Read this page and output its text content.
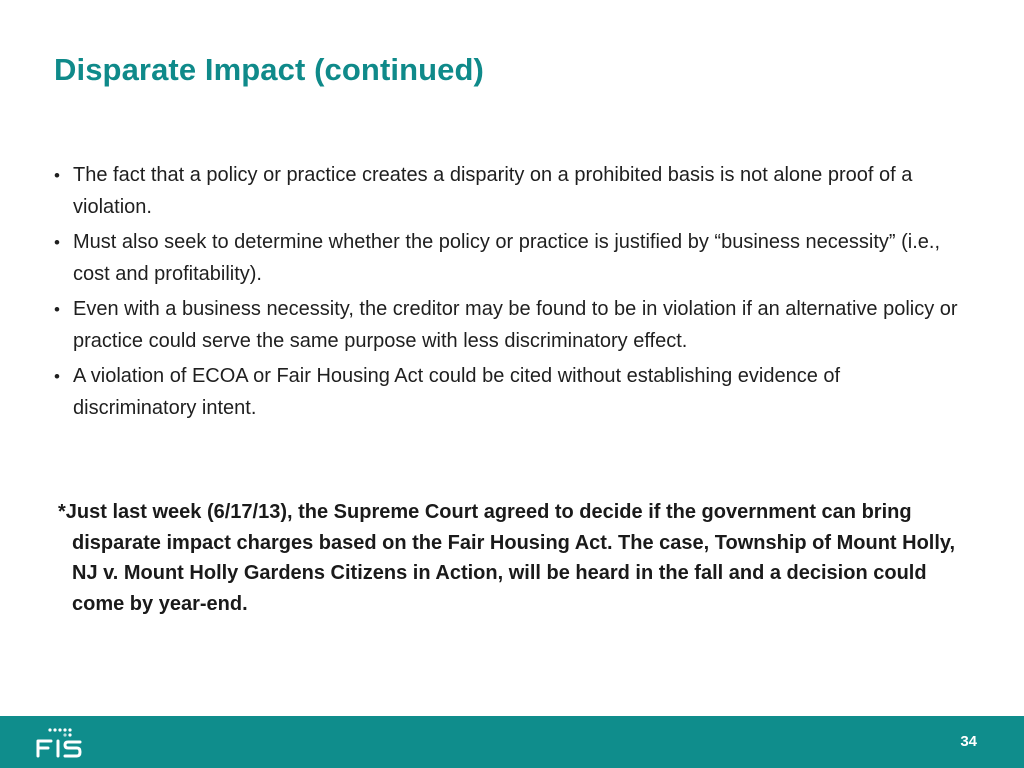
Disparate Impact (continued)
• The fact that a policy or practice creates a disparity on a prohibited basis is not alone proof of a violation.
• Must also seek to determine whether the policy or practice is justified by “business necessity” (i.e., cost and profitability).
• Even with a business necessity, the creditor may be found to be in violation if an alternative policy or practice could serve the same purpose with less discriminatory effect.
• A violation of ECOA or Fair Housing Act could be cited without establishing evidence of discriminatory intent.

*Just last week (6/17/13), the Supreme Court agreed to decide if the government can bring disparate impact charges based on the Fair Housing Act. The case, Township of Mount Holly, NJ v. Mount Holly Gardens Citizens in Action, will be heard in the fall and a decision could come by year-end.

34
